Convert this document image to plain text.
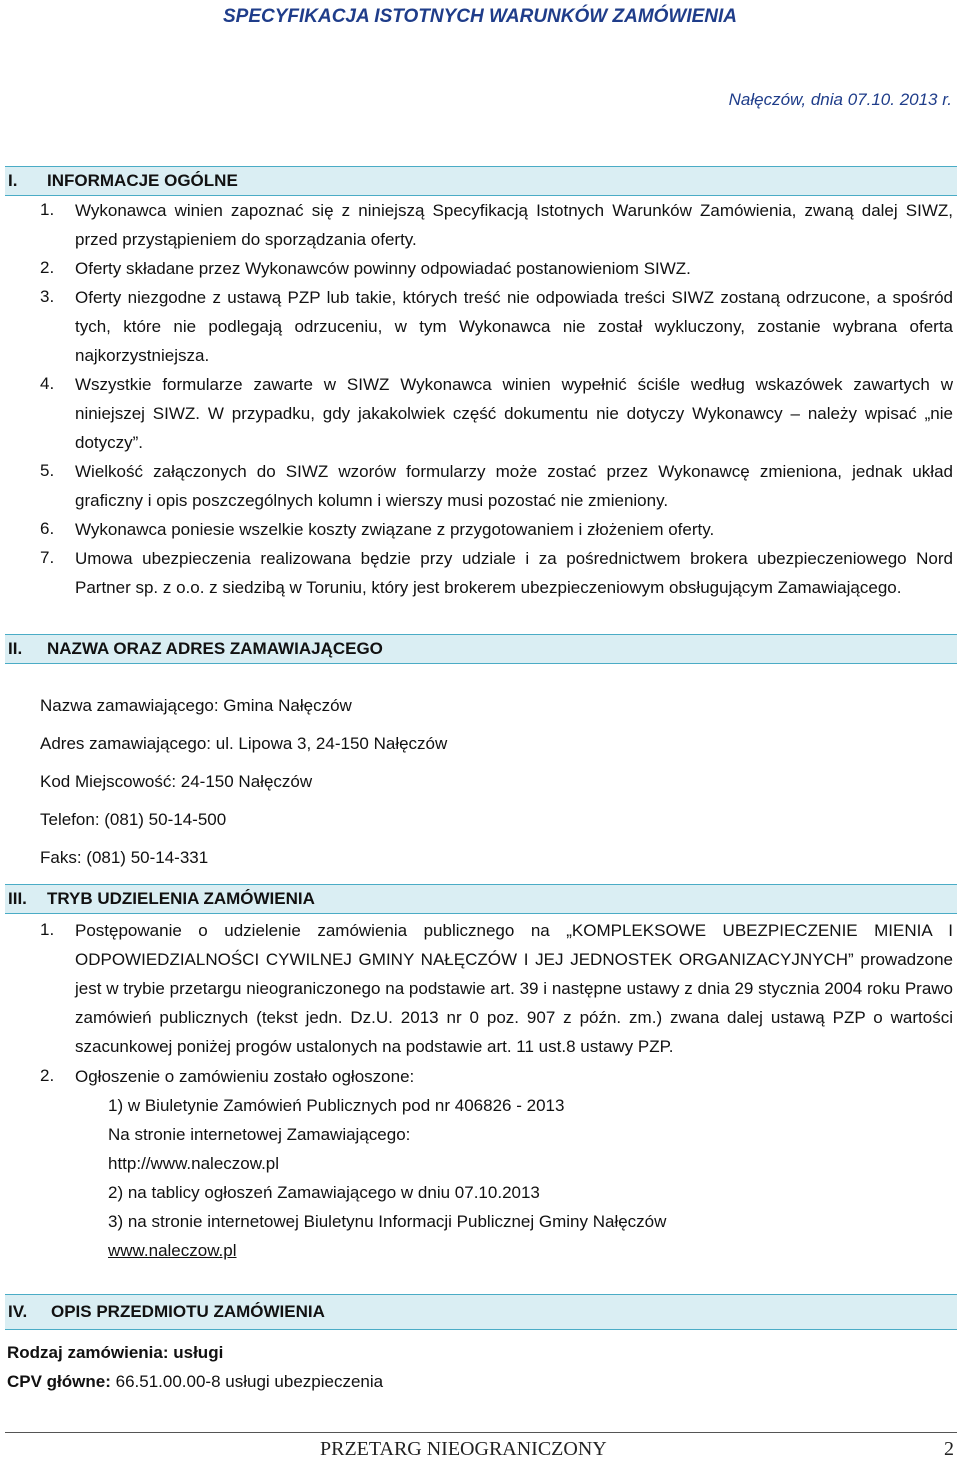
SPECYFIKACJA ISTOTNYCH WARUNKÓW ZAMÓWIENIA
Nałęczów, dnia 07.10. 2013 r.
I. INFORMACJE OGÓLNE
1. Wykonawca winien zapoznać się z niniejszą Specyfikacją Istotnych Warunków Zamówienia, zwaną dalej SIWZ, przed przystąpieniem do sporządzania oferty.
2. Oferty składane przez Wykonawców powinny odpowiadać postanowieniom SIWZ.
3. Oferty niezgodne z ustawą PZP lub takie, których treść nie odpowiada treści SIWZ zostaną odrzucone, a spośród tych, które nie podlegają odrzuceniu, w tym Wykonawca nie został wykluczony, zostanie wybrana oferta najkorzystniejsza.
4. Wszystkie formularze zawarte w SIWZ Wykonawca winien wypełnić ściśle według wskazówek zawartych w niniejszej SIWZ. W przypadku, gdy jakakolwiek część dokumentu nie dotyczy Wykonawcy – należy wpisać „nie dotyczy”.
5. Wielkość załączonych do SIWZ wzorów formularzy może zostać przez Wykonawcę zmieniona, jednak układ graficzny i opis poszczególnych kolumn i wierszy musi pozostać nie zmieniony.
6. Wykonawca poniesie wszelkie koszty związane z przygotowaniem i złożeniem oferty.
7. Umowa ubezpieczenia realizowana będzie przy udziale i za pośrednictwem brokera ubezpieczeniowego Nord Partner sp. z o.o. z siedzibą w Toruniu, który jest brokerem ubezpieczeniowym obsługującym Zamawiającego.
II. NAZWA ORAZ ADRES ZAMAWIAJĄCEGO
Nazwa zamawiającego: Gmina Nałęczów
Adres zamawiającego: ul. Lipowa 3, 24-150 Nałęczów
Kod Miejscowość: 24-150 Nałęczów
Telefon: (081) 50-14-500
Faks: (081) 50-14-331
III. TRYB UDZIELENIA ZAMÓWIENIA
1. Postępowanie o udzielenie zamówienia publicznego na „KOMPLEKSOWE UBEZPIECZENIE MIENIA I ODPOWIEDZIALNOŚCI CYWILNEJ GMINY NAŁĘCZÓW I JEJ JEDNOSTEK ORGANIZACYJNYCH” prowadzone jest w trybie przetargu nieograniczonego na podstawie art. 39 i następne ustawy z dnia 29 stycznia 2004 roku Prawo zamówień publicznych (tekst jedn. Dz.U. 2013 nr 0 poz. 907 z późn. zm.) zwana dalej ustawą PZP o wartości szacunkowej poniżej progów ustalonych na podstawie art. 11 ust.8 ustawy PZP.
2. Ogłoszenie o zamówieniu zostało ogłoszone:
1) w Biuletynie Zamówień Publicznych pod nr 406826 - 2013
Na stronie internetowej Zamawiającego:
http://www.naleczow.pl
2) na tablicy ogłoszeń Zamawiającego w dniu 07.10.2013
3) na stronie internetowej Biuletynu Informacji Publicznej Gminy Nałęczów
www.naleczow.pl
IV. OPIS PRZEDMIOTU ZAMÓWIENIA
Rodzaj zamówienia: usługi
CPV główne: 66.51.00.00-8 usługi ubezpieczenia
PRZETARG NIEOGRANICZONY	2
